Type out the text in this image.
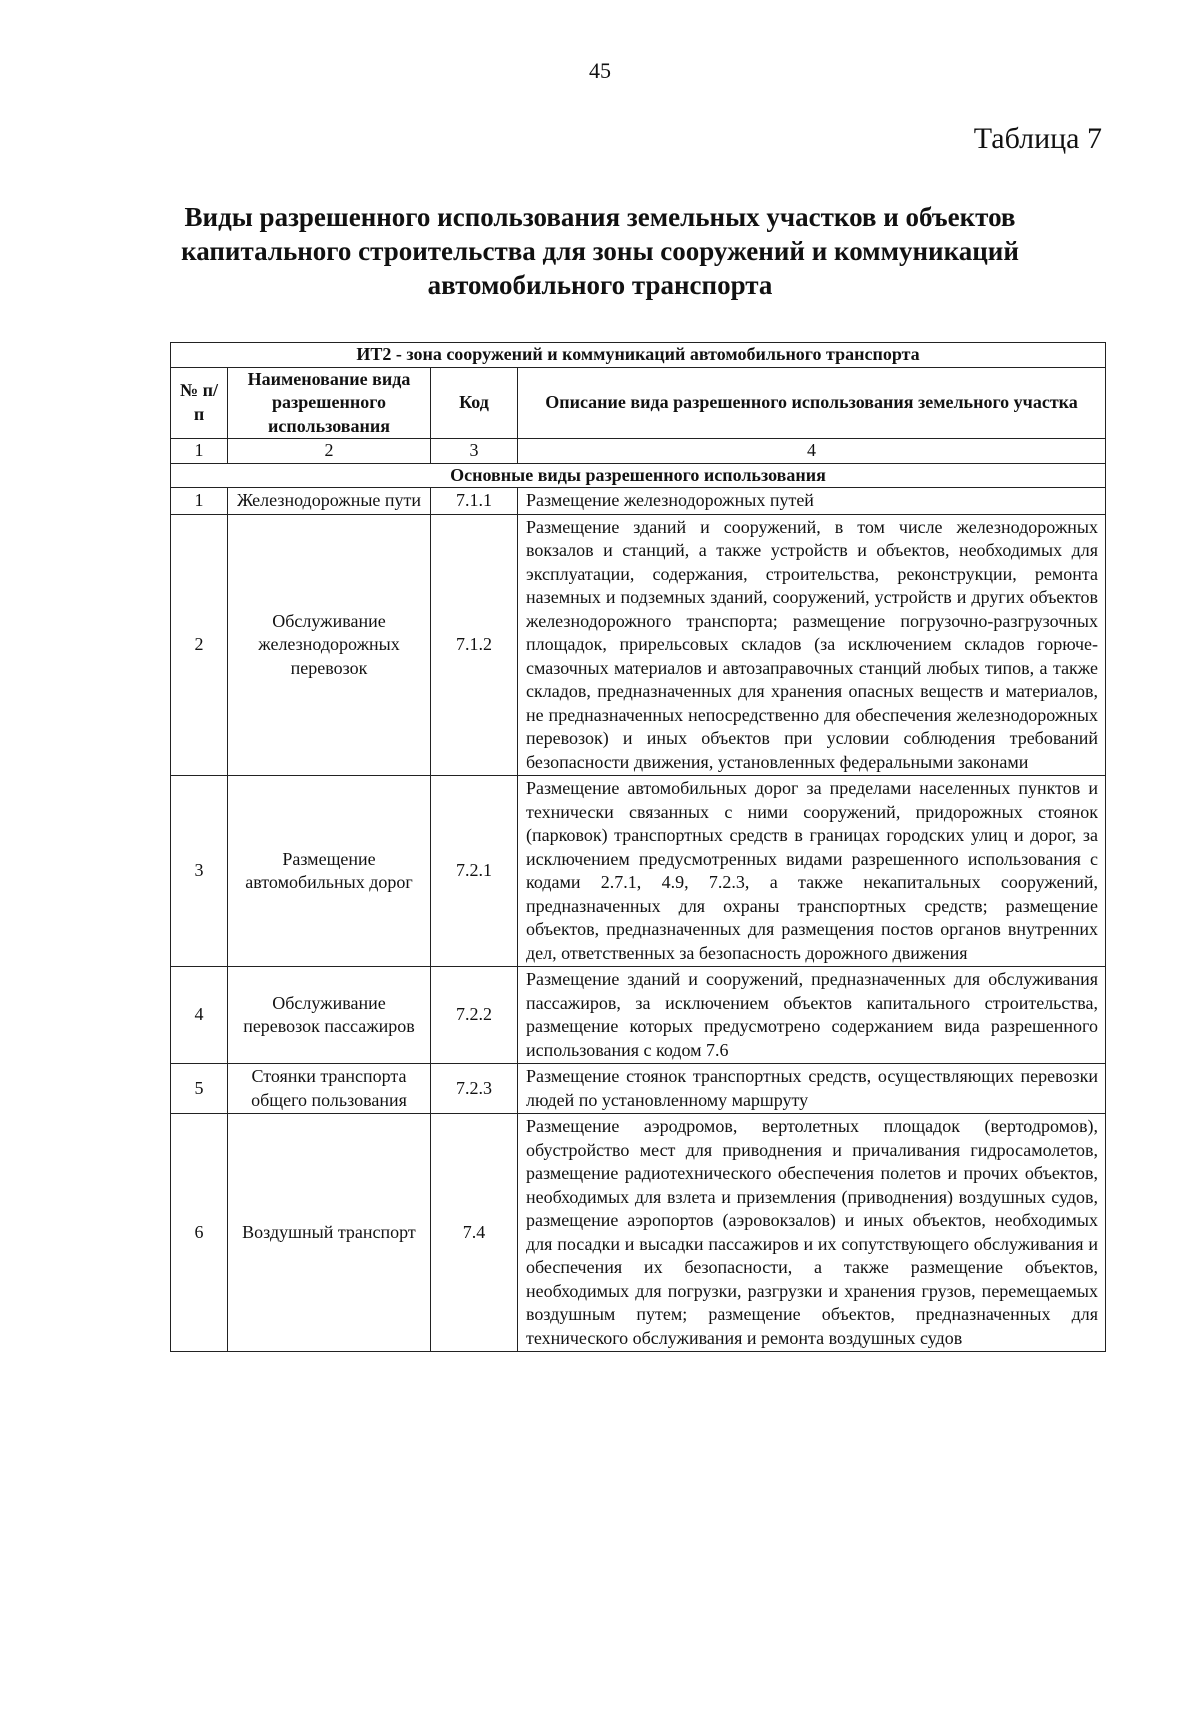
45
Таблица 7
Виды разрешенного использования земельных участков и объектов
капитального строительства для зоны сооружений и коммуникаций
автомобильного транспорта
ИТ2 - зона сооружений и коммуникаций автомобильного транспорта			
№ п/п	Наименование вида разрешенного использования	Код	Описание вида разрешенного использования земельного участка
1	2	3	4
Основные виды разрешенного использования			
1	Железнодорожные пути	7.1.1	Размещение железнодорожных путей
2	Обслуживание железнодорожных перевозок	7.1.2	Размещение зданий и сооружений, в том числе железнодорожных вокзалов и станций, а также устройств и объектов, необходимых для эксплуатации, содержания, строительства, реконструкции, ремонта наземных и подземных зданий, сооружений, устройств и других объектов железнодорожного транспорта; размещение погрузочно-разгрузочных площадок, прирельсовых складов (за исключением складов горюче-смазочных материалов и автозаправочных станций любых типов, а также складов, предназначенных для хранения опасных веществ и материалов, не предназначенных непосредственно для обеспечения железнодорожных перевозок) и иных объектов при условии соблюдения требований безопасности движения, установленных федеральными законами
3	Размещение автомобильных дорог	7.2.1	Размещение автомобильных дорог за пределами населенных пунктов и технически связанных с ними сооружений, придорожных стоянок (парковок) транспортных средств в границах городских улиц и дорог, за исключением предусмотренных видами разрешенного использования с кодами 2.7.1, 4.9, 7.2.3, а также некапитальных сооружений, предназначенных для охраны транспортных средств; размещение объектов, предназначенных для размещения постов органов внутренних дел, ответственных за безопасность дорожного движения
4	Обслуживание перевозок пассажиров	7.2.2	Размещение зданий и сооружений, предназначенных для обслуживания пассажиров, за исключением объектов капитального строительства, размещение которых предусмотрено содержанием вида разрешенного использования с кодом 7.6
5	Стоянки транспорта общего пользования	7.2.3	Размещение стоянок транспортных средств, осуществляющих перевозки людей по установленному маршруту
6	Воздушный транспорт	7.4	Размещение аэродромов, вертолетных площадок (вертодромов), обустройство мест для приводнения и причаливания гидросамолетов, размещение радиотехнического обеспечения полетов и прочих объектов, необходимых для взлета и приземления (приводнения) воздушных судов, размещение аэропортов (аэровокзалов) и иных объектов, необходимых для посадки и высадки пассажиров и их сопутствующего обслуживания и обеспечения их безопасности, а также размещение объектов, необходимых для погрузки, разгрузки и хранения грузов, перемещаемых воздушным путем; размещение объектов, предназначенных для технического обслуживания и ремонта воздушных судов
